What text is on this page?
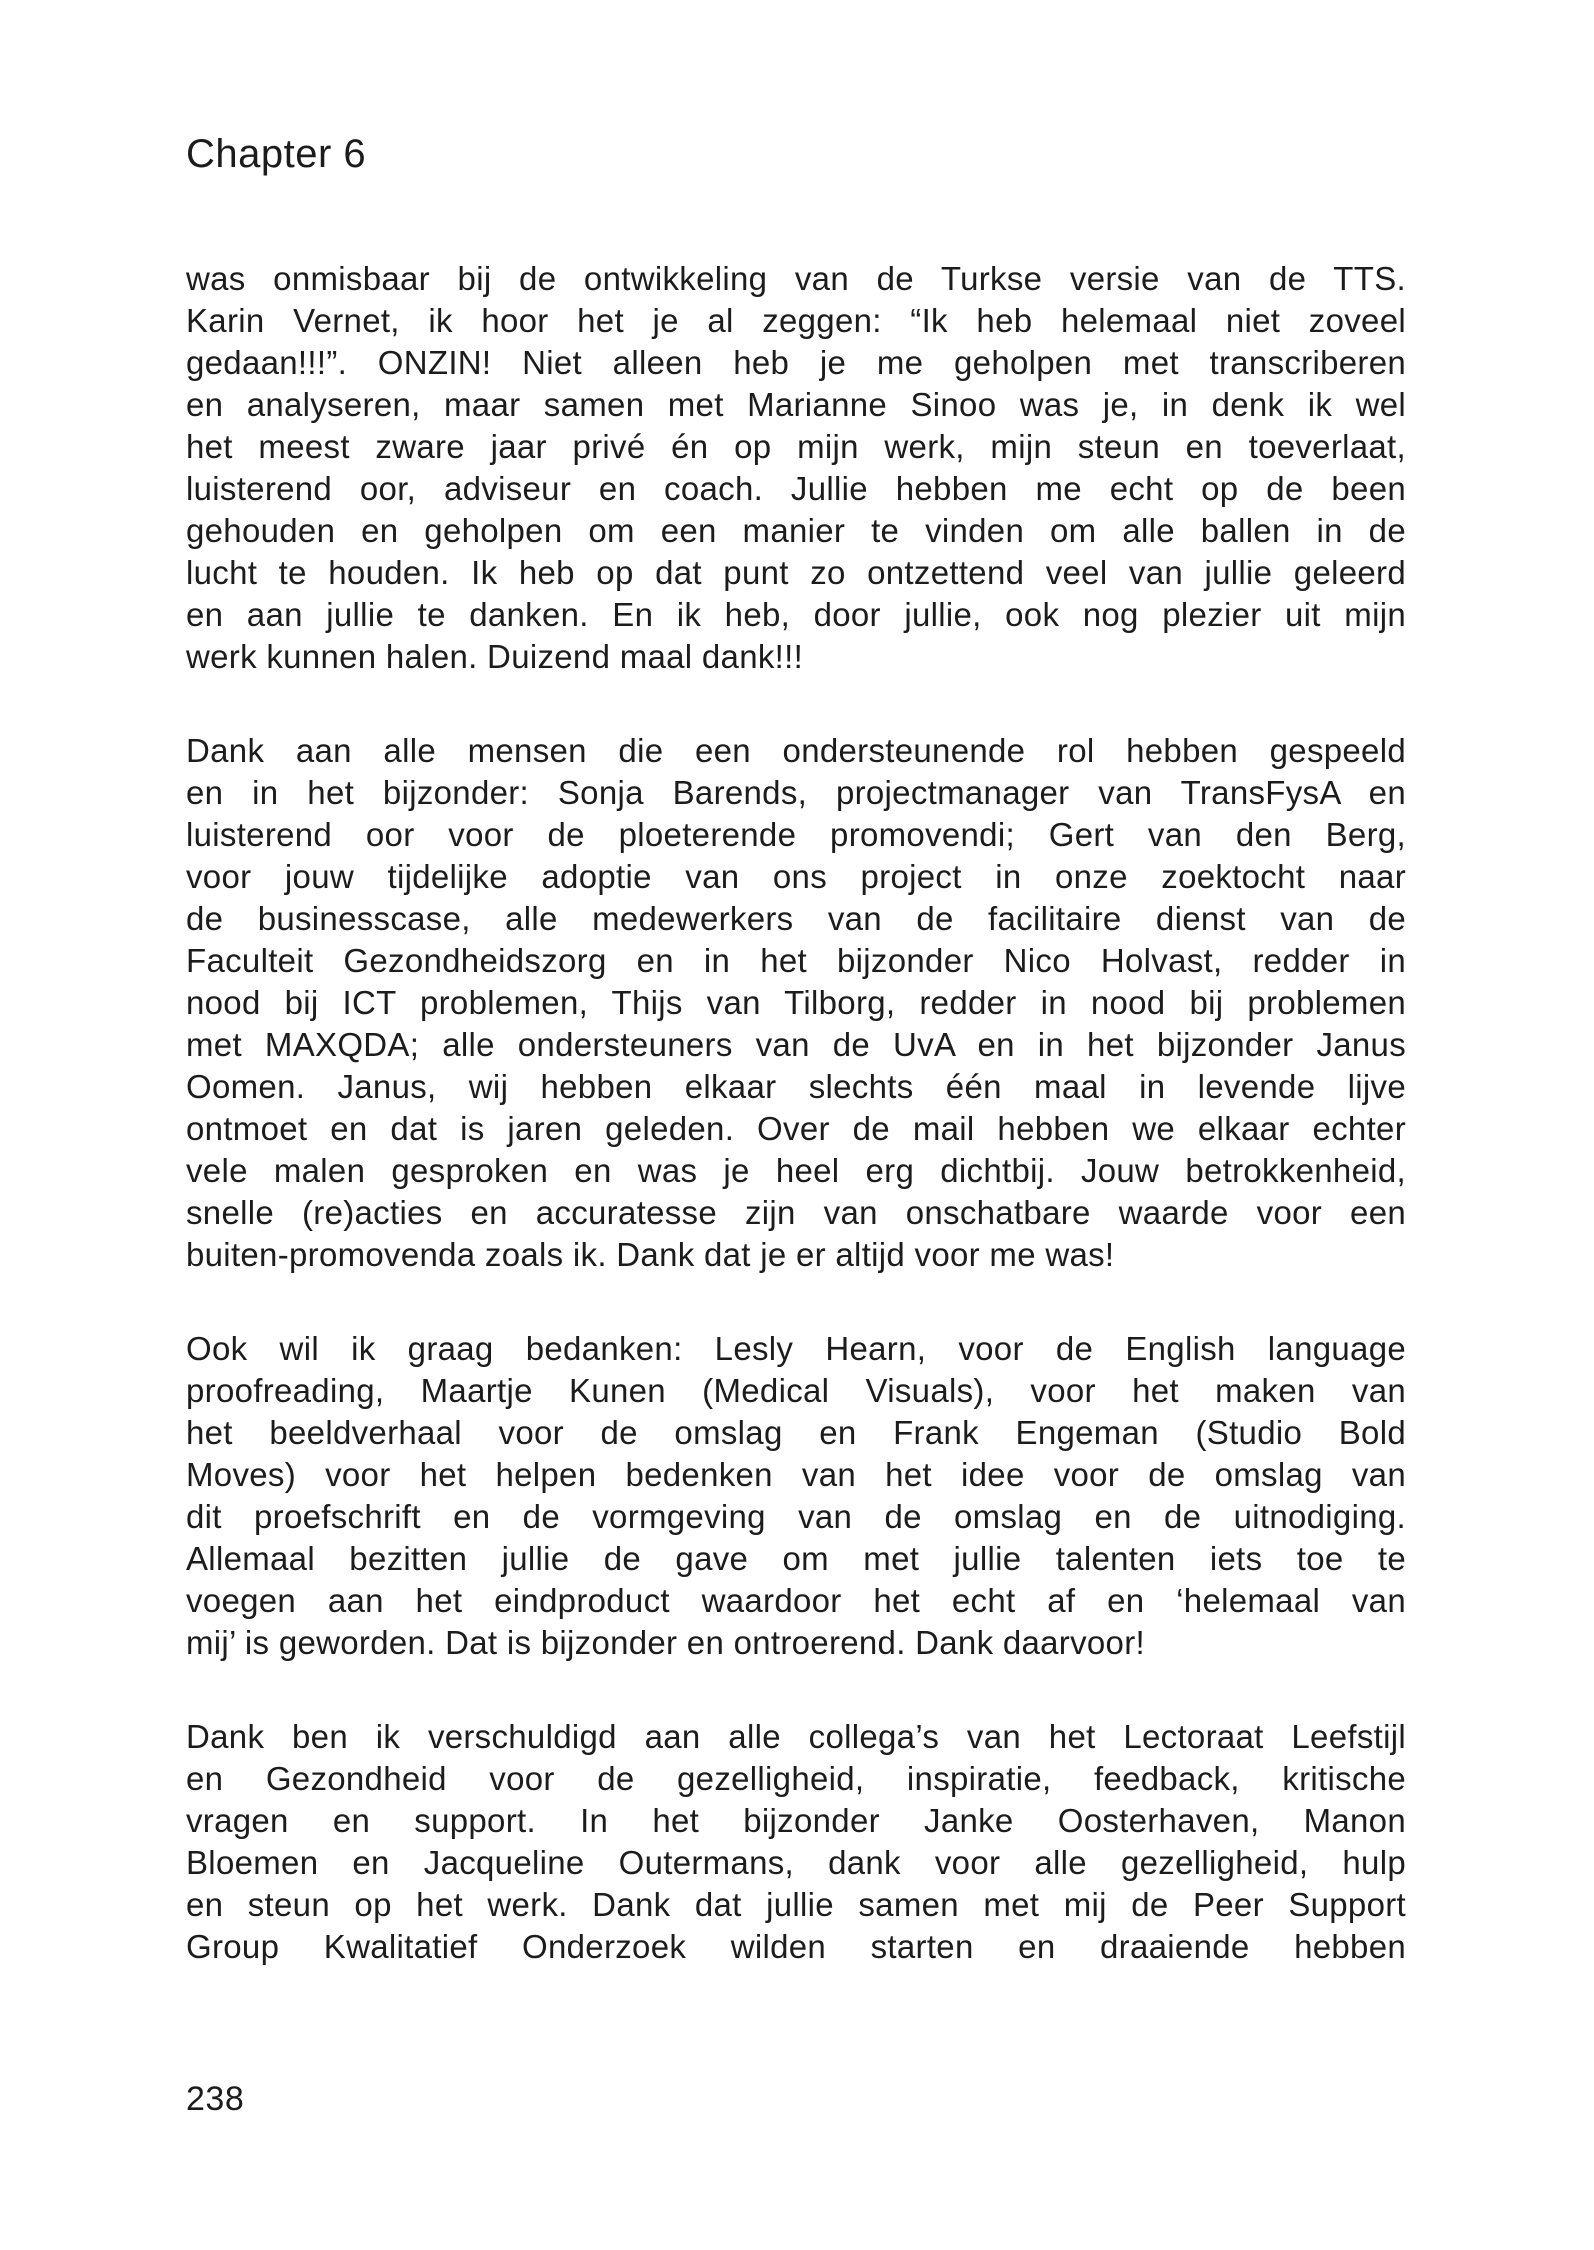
Chapter 6
was onmisbaar bij de ontwikkeling van de Turkse versie van de TTS.
Karin Vernet, ik hoor het je al zeggen: “Ik heb helemaal niet zoveel
gedaan!!!”. ONZIN! Niet alleen heb je me geholpen met transcriberen
en analyseren, maar samen met Marianne Sinoo was je, in denk ik wel
het meest zware jaar privé én op mijn werk, mijn steun en toeverlaat,
luisterend oor, adviseur en coach. Jullie hebben me echt op de been
gehouden en geholpen om een manier te vinden om alle ballen in de
lucht te houden. Ik heb op dat punt zo ontzettend veel van jullie geleerd
en aan jullie te danken. En ik heb, door jullie, ook nog plezier uit mijn
werk kunnen halen. Duizend maal dank!!!
Dank aan alle mensen die een ondersteunende rol hebben gespeeld
en in het bijzonder: Sonja Barends, projectmanager van TransFysA en
luisterend oor voor de ploeterende promovendi; Gert van den Berg,
voor jouw tijdelijke adoptie van ons project in onze zoektocht naar
de businesscase, alle medewerkers van de facilitaire dienst van de
Faculteit Gezondheidszorg en in het bijzonder Nico Holvast, redder in
nood bij ICT problemen, Thijs van Tilborg, redder in nood bij problemen
met MAXQDA; alle ondersteuners van de UvA en in het bijzonder Janus
Oomen. Janus, wij hebben elkaar slechts één maal in levende lijve
ontmoet en dat is jaren geleden. Over de mail hebben we elkaar echter
vele malen gesproken en was je heel erg dichtbij. Jouw betrokkenheid,
snelle (re)acties en accuratesse zijn van onschatbare waarde voor een
buiten-promovenda zoals ik. Dank dat je er altijd voor me was!
Ook wil ik graag bedanken: Lesly Hearn, voor de English language
proofreading, Maartje Kunen (Medical Visuals), voor het maken van
het beeldverhaal voor de omslag en Frank Engeman (Studio Bold
Moves) voor het helpen bedenken van het idee voor de omslag van
dit proefschrift en de vormgeving van de omslag en de uitnodiging.
Allemaal bezitten jullie de gave om met jullie talenten iets toe te
voegen aan het eindproduct waardoor het echt af en ‘helemaal van
mij’ is geworden. Dat is bijzonder en ontroerend. Dank daarvoor!
Dank ben ik verschuldigd aan alle collega’s van het Lectoraat Leefstijl
en Gezondheid voor de gezelligheid, inspiratie, feedback, kritische
vragen en support. In het bijzonder Janke Oosterhaven, Manon
Bloemen en Jacqueline Outermans, dank voor alle gezelligheid, hulp
en steun op het werk. Dank dat jullie samen met mij de Peer Support
Group Kwalitatief Onderzoek wilden starten en draaiende hebben
238
